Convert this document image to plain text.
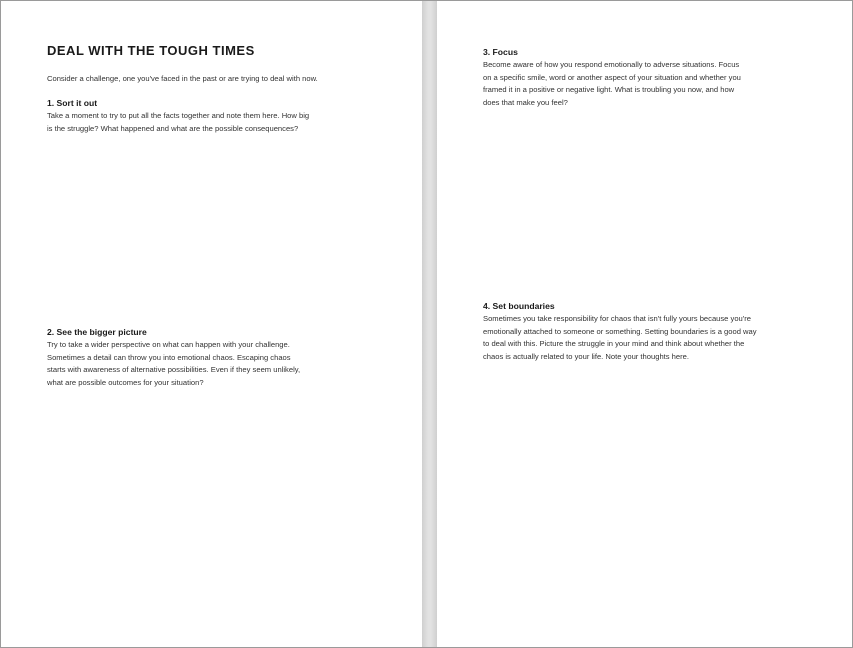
DEAL WITH THE TOUGH TIMES

Consider a challenge, one you've faced in the past or are trying to deal with now.

1. Sort it out

Take a moment to try to put all the facts together and note them here. How big

is the struggle? What happened and what are the possible consequences?

2. See the bigger picture

Try to take a wider perspective on what can happen with your challenge.

Sometimes a detail can throw you into emotional chaos. Escaping chaos

starts with awareness of alternative possibilities. Even if they seem unlikely,

what are possible outcomes for your situation?

3. Focus

Become aware of how you respond emotionally to adverse situations. Focus

on a specific smile, word or another aspect of your situation and whether you

framed it in a positive or negative light. What is troubling you now, and how

does that make you feel?

4. Set boundaries

Sometimes you take responsibility for chaos that isn't fully yours because you're

emotionally attached to someone or something. Setting boundaries is a good way

to deal with this. Picture the struggle in your mind and think about whether the

chaos is actually related to your life. Note your thoughts here.
